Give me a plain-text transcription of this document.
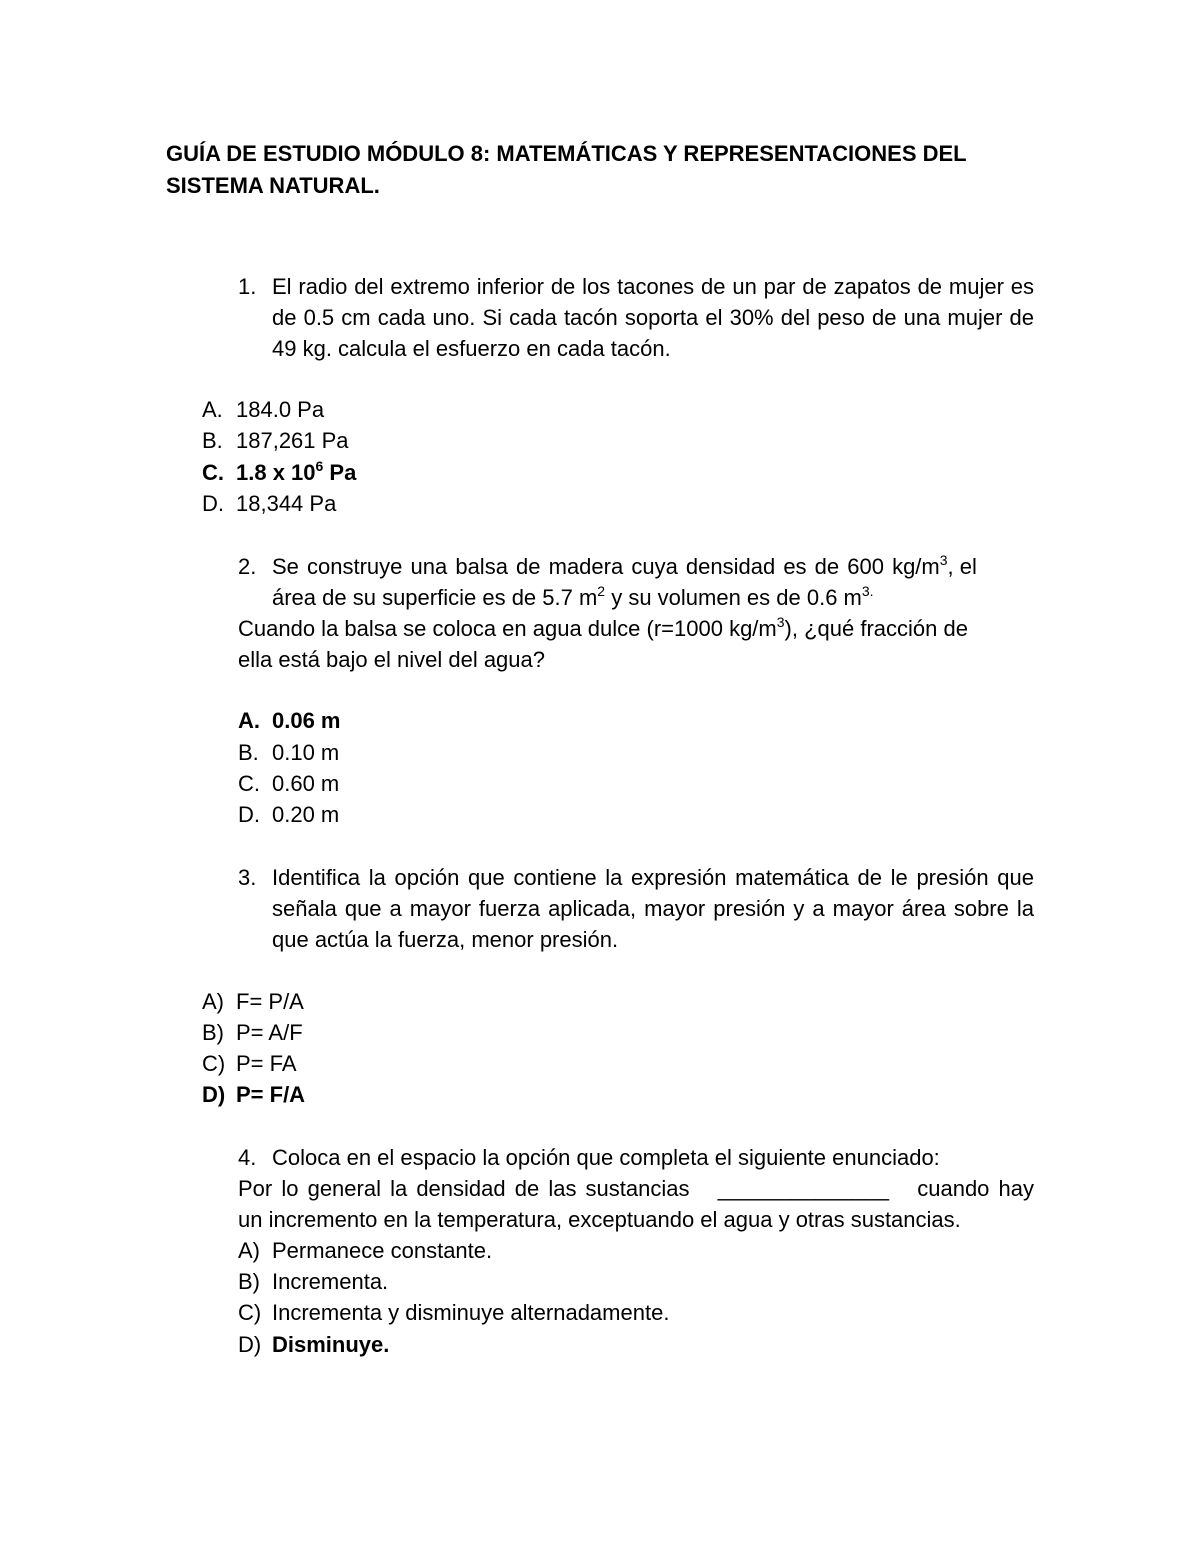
GUÍA DE ESTUDIO MÓDULO 8: MATEMÁTICAS Y REPRESENTACIONES DEL
SISTEMA NATURAL.
1. El radio del extremo inferior de los tacones de un par de zapatos de mujer es de 0.5 cm cada uno. Si cada tacón soporta el 30% del peso de una mujer de 49 kg. calcula el esfuerzo en cada tacón.
A. 184.0 Pa
B. 187,261 Pa
C. 1.8 x $10^6$ Pa
D. 18,344 Pa
2. Se construye una balsa de madera cuya densidad es de 600 $kg/m^3$, el
área de su superficie es de 5.7 $m^2$ y su volumen es de 0.6 $m^{3.}$
Cuando la balsa se coloca en agua dulce (r=1000 $kg/m^3$), ¿qué fracción de
ella está bajo el nivel del agua?
A. 0.06 m
B. 0.10 m
C. 0.60 m
D. 0.20 m
3. Identifica la opción que contiene la expresión matemática de le presión que señala que a mayor fuerza aplicada, mayor presión y a mayor área sobre la que actúa la fuerza, menor presión.
A) F= P/A
B) P= A/F
C) P= FA
D) P= F/A
4. Coloca en el espacio la opción que completa el siguiente enunciado:
Por lo general la densidad de las sustancias ______________ cuando hay
un incremento en la temperatura, exceptuando el agua y otras sustancias.
A) Permanece constante.
B) Incrementa.
C) Incrementa y disminuye alternadamente.
D) Disminuye.
